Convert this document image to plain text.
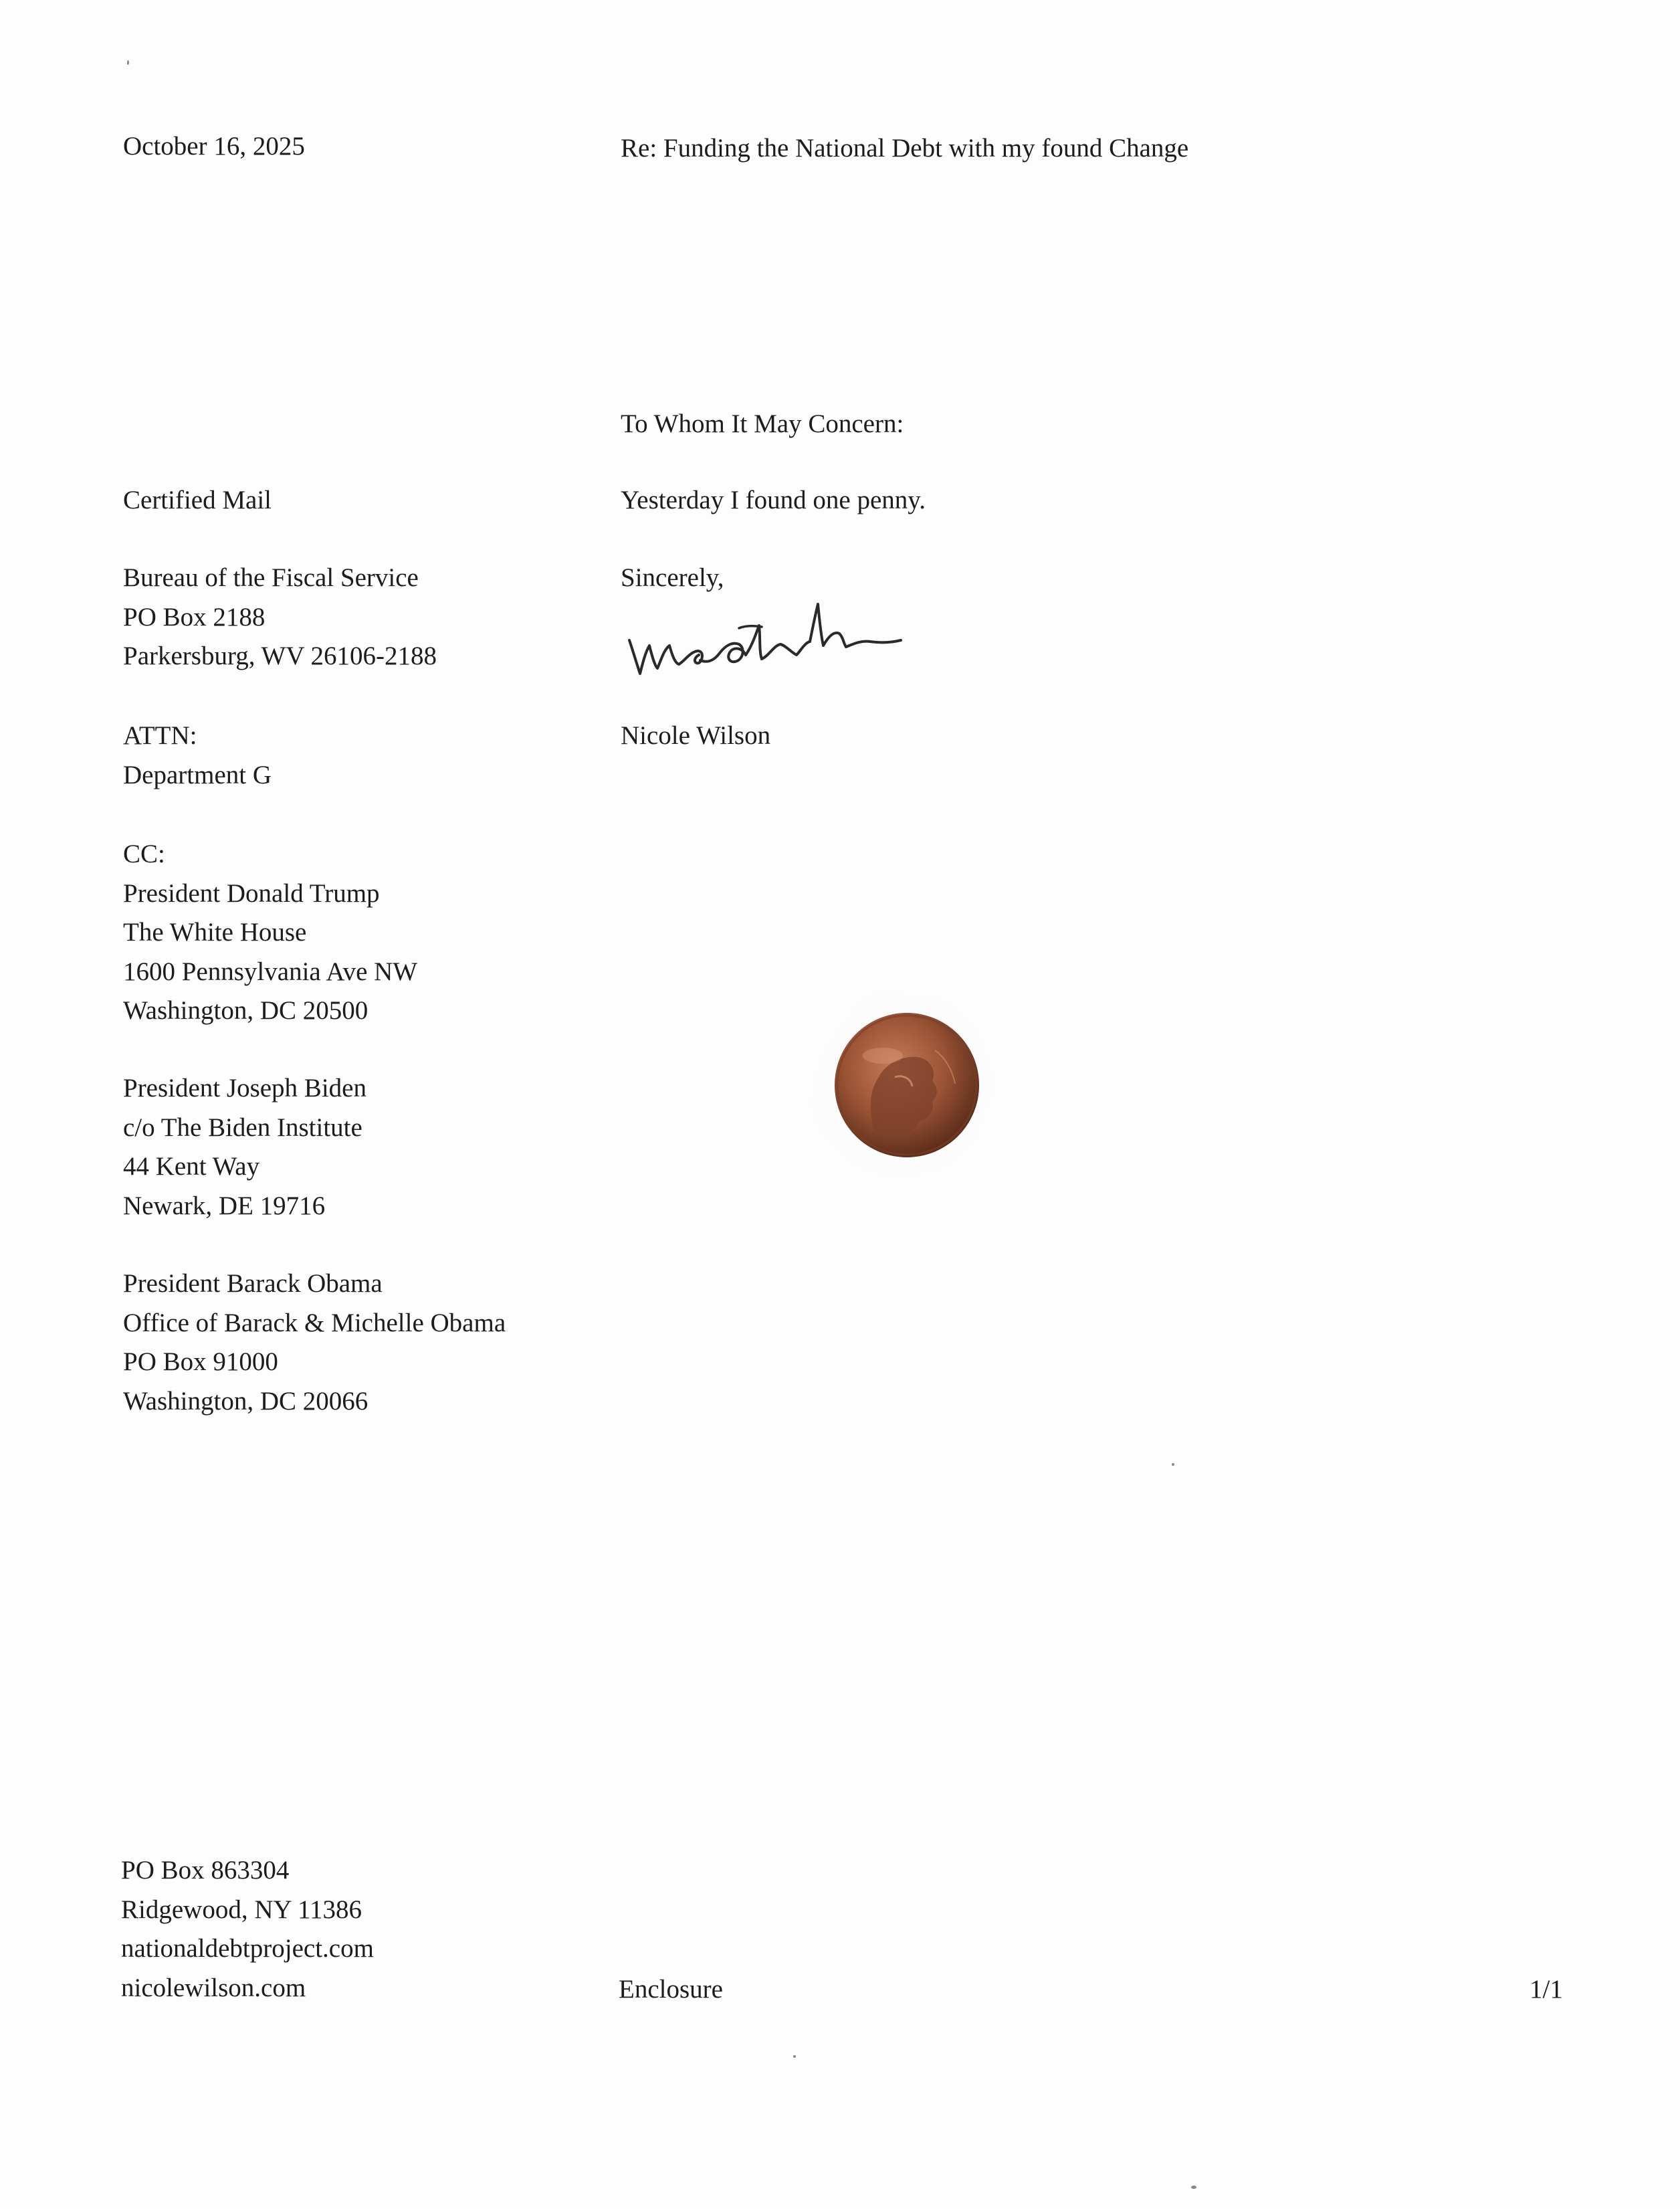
October 16, 2025	Re: Funding the National Debt with my found Change
To Whom It May Concern:
Certified Mail	Yesterday I found one penny.
Sincerely,
Nicole Wilson
Bureau of the Fiscal Service
PO Box 2188
Parkersburg, WV 26106-2188
ATTN:
Department G
CC:
President Donald Trump
The White House
1600 Pennsylvania Ave NW
Washington, DC 20500
President Joseph Biden
c/o The Biden Institute
44 Kent Way
Newark, DE 19716
President Barack Obama
Office of Barack & Michelle Obama
PO Box 91000
Washington, DC 20066
PO Box 863304
Ridgewood, NY 11386
nationaldebtproject.com
nicolewilson.com	Enclosure	1/1
